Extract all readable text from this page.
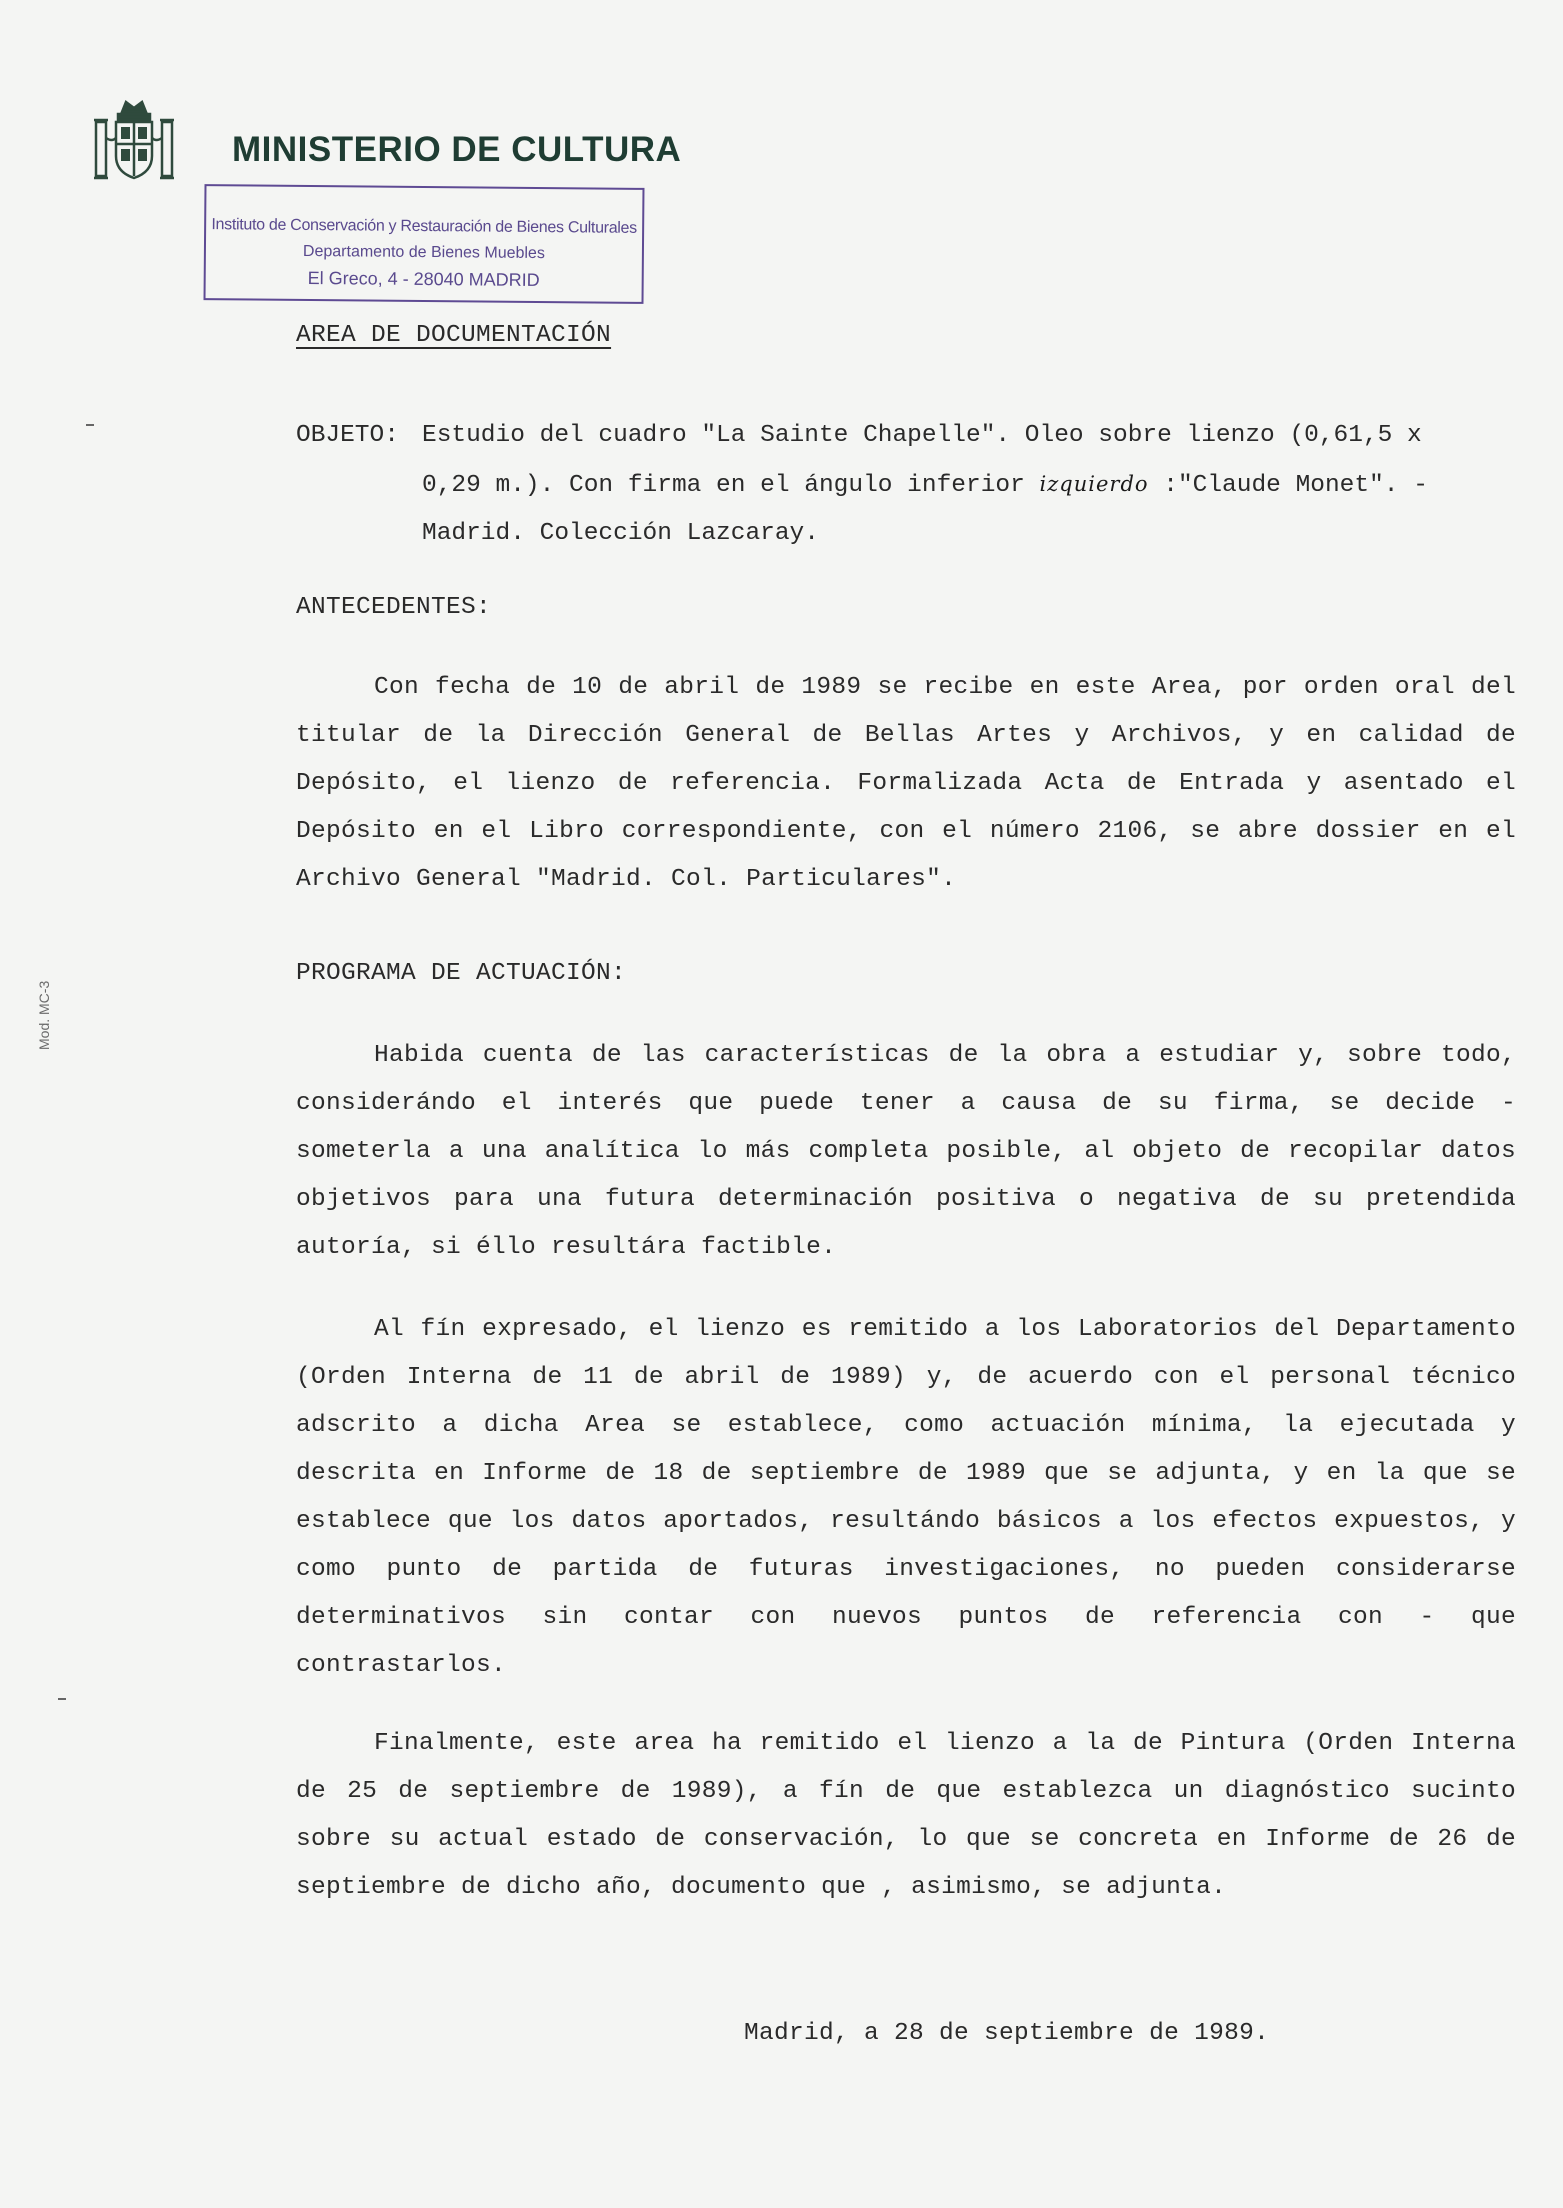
MINISTERIO DE CULTURA
Instituto de Conservación y Restauración de Bienes Culturales
Departamento de Bienes Muebles
El Greco, 4 - 28040 MADRID
Mod. MC-3
AREA DE DOCUMENTACIÓN
OBJETO: Estudio del cuadro "La Sainte Chapelle". Oleo sobre lienzo (0,61,5 x
0,29 m.). Con firma en el ángulo inferior izquierdo :"Claude Monet". -
Madrid. Colección Lazcaray.
ANTECEDENTES:
Con fecha de 10 de abril de 1989 se recibe en este Area, por orden oral del titular de la Dirección General de Bellas Artes y Archivos, y en calidad de Depósito, el lienzo de referencia. Formalizada Acta de Entrada y asentado el Depósito en el Libro correspondiente, con el número 2106, se abre dossier en el Archivo General "Madrid. Col. Particulares".
PROGRAMA DE ACTUACIÓN:
Habida cuenta de las características de la obra a estudiar y, sobre todo, considerándo el interés que puede tener a causa de su firma, se decide - someterla a una analítica lo más completa posible, al objeto de recopilar datos objetivos para una futura determinación positiva o negativa de su pretendida autoría, si éllo resultára factible.
Al fín expresado, el lienzo es remitido a los Laboratorios del Departamento (Orden Interna de 11 de abril de 1989) y, de acuerdo con el personal técnico adscrito a dicha Area se establece, como actuación mínima, la ejecutada y descrita en Informe de 18 de septiembre de 1989 que se adjunta, y en la que se establece que los datos aportados, resultándo básicos a los efectos expuestos, y como punto de partida de futuras investigaciones, no pueden considerarse determinativos sin contar con nuevos puntos de referencia con - que contrastarlos.
Finalmente, este area ha remitido el lienzo a la de Pintura (Orden Interna de 25 de septiembre de 1989), a fín de que establezca un diagnóstico sucinto sobre su actual estado de conservación, lo que se concreta en Informe de 26 de septiembre de dicho año, documento que , asimismo, se adjunta.
Madrid, a 28 de septiembre de 1989.
